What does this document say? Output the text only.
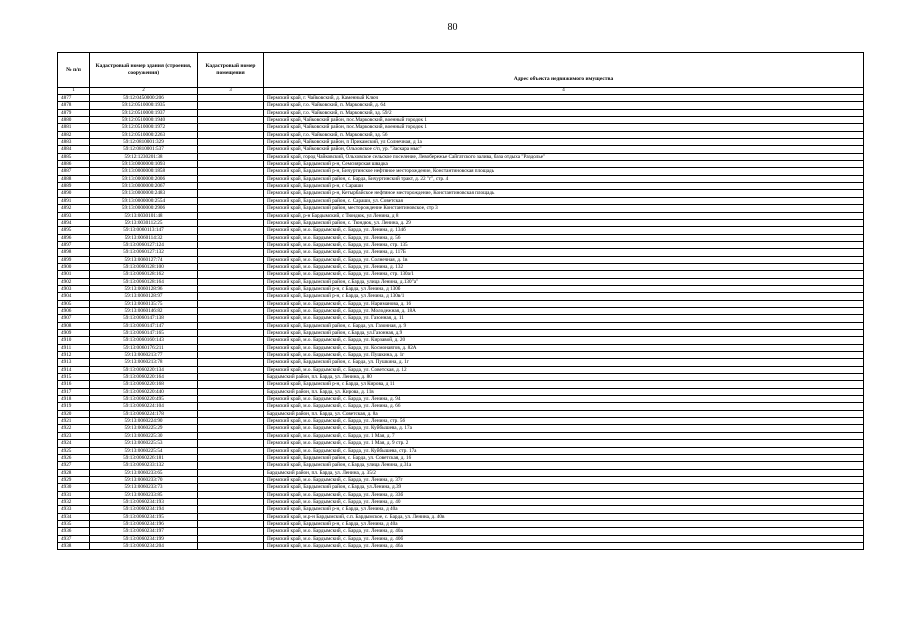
80
№ п/п	Кадастровый номер здания (строения, сооружения)	Кадастровый номер помещения	
			Адрес объекта недвижимого имущества
1	2	3	4
4877	59:12:0450000:206		Пермский край, г. Чайковский, д. Каменный Ключ
4878	59:12:0510000:1935		Пермский край, г.о. Чайковский, п. Марковский, д. 64
4879	59:12:0510000:1937		Пермский край, г.о. Чайковский, п. Марковский, зд. 59/2
4880	59:12:0510000:1940		Пермский край, Чайковский район, пос.Марковский, военный городок 1
4881	59:12:0510000:1972		Пермский край, Чайковский район, пос.Марковский, военный городок 1
4882	59:12:0510000:2263		Пермский край, г.о. Чайковский, п. Марковский, зд. 56
4883	59:12:0810001:329		Пермский край, Чайковский район, п Прикамский, ул Солнечная, д 1а
4884	59:12:0810001:537		Пермский край, Чайковский район, Ольховское с/п, ур. "Заскара мыс"
4885	59:12:1230201:38		Пермский край, город Чайковский, Ольховское сельское поселение, Левобережье Сайгатского залива, база отдыха "Раздолье"
4886	59:13:0000000:1093		Пермский край, Бардымский р-н, Семсиярская швадка
4887	59:13:0000000:1858		Пермский край, Бардымский р-н, Бичуртинское нефтяное месторождение, Константиновская площадь
4888	59:13:0000000:2006		Пермский край, Бардымский район, с. Барда, Бичуртинский тракт, д. 22 "г", стр. 4
4889	59:13:0000000:2067		Пермский край, Бардымский р-н, с Сараши
4890	59:13:0000000:2483		Пермский край, Бардымский р-н, Кетырбайское нефтяное месторождение, Константиновская площадь
4891	59:13:0000000:2554		Пермский край, Бардымский район, с. Сараши, ул. Советская
4892	59:13:0000000:2906		Пермский край, Бардымский район, месторождение Константиновское, стр 3
4893	59:13:0030101:48		Пермский край, р-н Бардымский, с Тюндюк, ул Ленина, д 8
4894	59:13:0030112:25		Пермский край, Бардымский район, с. Тюндюк, ул. Ленина, д. 29
4895	59:13:0060113:147		Пермский край, м.о. Бардымский, с. Барда, ул. Ленина, д. 134б
4896	59:13:0060114:32		Пермский край, м.о. Бардымский, с. Барда, ул. Ленина, д. 56
4897	59:13:0060127:124		Пермский край, м.о. Бардымский, с. Барда, ул. Ленина, стр. 135
4898	59:13:0060127:132		Пермский край, м.о. Бардымский, с. Барда, ул. Ленина, д. 117Б
4899	59:13:0060127:74		Пермский край, м.о. Бардымский, с. Барда, ул. Солнечная, д. 1в
4900	59:13:0060128:100		Пермский край, м.о. Бардымский, с. Барда, ул. Ленина, д. 132
4901	59:13:0060128:162		Пермский край, м.о. Бардымский, с. Барда, ул. Ленина, стр. 130а/1
4902	59:13:0060128:164		Пермский край, Бардымский район, с.Барда, улица Ленина, д.130"а"
4903	59:13:0060128:96		Пермский край, Бардымский р-н, с Барда, ул Ленина, д 130б
4904	59:13:0060128:97		Пермский край, Бардымский р-н, с Барда, ул Ленина, д 130в/1
4905	59:13:0060135:75		Пермский край, м.о. Бардымский, с. Барда, ул. Нариманова, д. 16
4906	59:13:0060146:82		Пермский край, м.о. Бардымский, с. Барда, ул. Молодежная, д. 18А
4907	59:13:0060147:138		Пермский край, м.о. Бардымский, с. Барда, ул. Газонная, д. 11
4908	59:13:0060147:147		Пермский край, Бардымский район, с. Барда, ул. Газонная, д. 9
4909	59:13:0060147:165		Пермский край, Бардымский район, с.Барда, ул.Газонная, д.9
4910	59:13:0060160:143		Пермский край, м.о. Бардымский, с. Барда, ул. Кирзавой, д. 20
4911	59:13:0060176:211		Пермский край, м.о. Бардымский, с. Барда, ул. Космонавтов, д. 82А
4912	59:13:0060213:77		Пермский край, м.о. Бардымский, с. Барда, ул. Пушкина, д. 1г
4913	59:13:0060213:78		Пермский край, Бардымский район, с. Барда, ул. Пушкина, д. 1г
4914	59:13:0060220:134		Пермский край, м.о. Бардымский, с. Барда, ул. Советская, д. 12
4915	59:13:0060220:164		Бардымский район, пл. Барда, ул. Ленина, д. 80
4916	59:13:0060220:168		Пермский край, Бардымский р-н, с Барда, ул Кирова, д 11
4917	59:13:0060220:440		Бардымский район, пл. Барда, ул. Кирова, д. 11в
4918	59:13:0060220:495		Пермский край, м.о. Бардымский, с. Барда, ул. Ленина, д. 94
4919	59:13:0060224:104		Пермский край, м.о. Бардымский, с. Барда, ул. Ленина, д. 66
4920	59:13:0060224:178		Бардымский район, пл. Барда, ул. Советская, д. 8а
4921	59:13:0060224:90		Пермский край, м.о. Бардымский, с. Барда, ул. Ленина, стр. 56
4922	59:13:0060225:29		Пермский край, м.о. Бардымский, с. Барда, ул. Куйбышева, д. 17а
4923	59:13:0060225:30		Пермский край, м.о. Бардымский, с. Барда, ул. 1 Мая, д. 7
4924	59:13:0060225:53		Пермский край, м.о. Бардымский, с. Барда, ул. 1 Мая, д. 9 стр. 2
4925	59:13:0060225:54		Пермский край, м.о. Бардымский, с. Барда, ул. Куйбышева, стр. 17а
4926	59:13:0060226:181		Пермский край, Бардымский район, с. Барда, ул. Советская, д. 16
4927	59:13:0060233:132		Пермский край, Бардымский район, с.Барда, улица Ленина, д.31а
4928	59:13:0060233:65		Бардымский район, пл. Барда, ул. Ленина, д. 35/2
4929	59:13:0060233:70		Пермский край, м.о. Бардымский, с. Барда, ул. Ленина, д. 37г
4930	59:13:0060233:73		Пермский край, Бардымский район, с.Барда, ул.Ленина, д.39
4931	59:13:0060233:85		Пермский край, м.о. Бардымский, с. Барда, ул. Ленина, д. 33б
4932	59:13:0060234:193		Пермский край, м.о. Бардымский, с. Барда, ул. Ленина, д. 40
4933	59:13:0060234:194		Пермский край, Бардымский р-н, с Барда, ул Ленина, д 40а
4934	59:13:0060234:195		Пермский край, м.р-н Бардымский, с.п. Бардымское, с. Барда, ул. Ленина, д. 40в
4935	59:13:0060234:196		Пермский край, Бардымский р-н, с Барда, ул Ленина, д 40а
4936	59:13:0060234:197		Пермский край, м.о. Бардымский, с. Барда, ул. Ленина, д. 40а
4937	59:13:0060234:199		Пермский край, м.о. Бардымский, с. Барда, ул. Ленина, д. 40б
4938	59:13:0060234:204		Пермский край, м.о. Бардымский, с. Барда, ул. Ленина, д. 46а
